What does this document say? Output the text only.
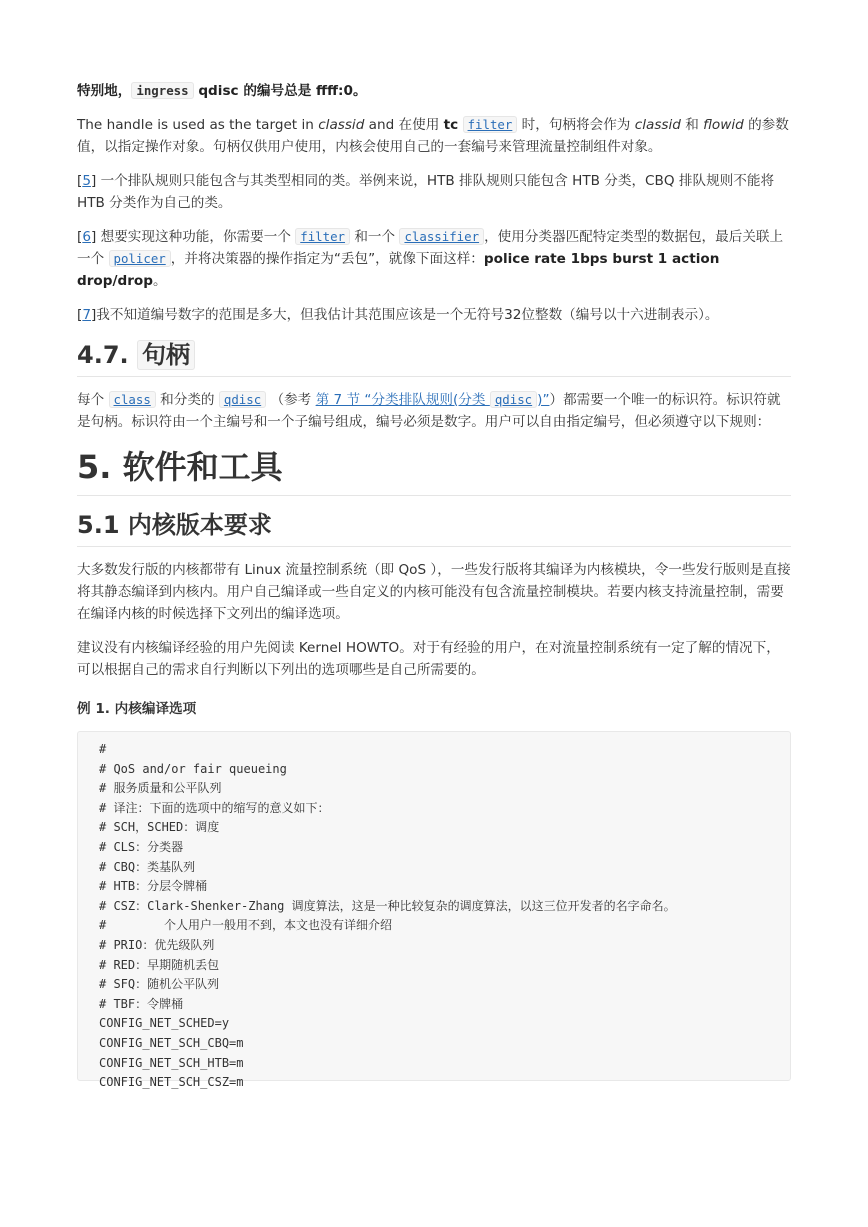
特别地， ingress qdisc 的编号总是 ffff:0。

The handle is used as the target in classid and 在使用 tc filter 时，句柄将会作为 classid 和 flowid 的参数值，以指定操作对象。句柄仅供用户使用，内核会使用自己的一套编号来管理流量控制组件对象。

[5] 一个排队规则只能包含与其类型相同的类。举例来说，HTB 排队规则只能包含 HTB 分类，CBQ 排队规则不能将 HTB 分类作为自己的类。

[6] 想要实现这种功能，你需要一个 filter 和一个 classifier ，使用分类器匹配特定类型的数据包，最后关联上一个 policer ，并将决策器的操作指定为“丢包”，就像下面这样：police rate 1bps burst 1 action drop/drop。

[7]我不知道编号数字的范围是多大，但我估计其范围应该是一个无符号32位整数（编号以十六进制表示）。

4.7. 句柄

每个 class 和分类的 qdisc （参考 第 7 节 “分类排队规则(分类 qdisc )”）都需要一个唯一的标识符。标识符就是句柄。标识符由一个主编号和一个子编号组成，编号必须是数字。用户可以自由指定编号，但必须遵守以下规则：

5. 软件和工具
5.1 内核版本要求

大多数发行版的内核都带有 Linux 流量控制系统（即 QoS ），一些发行版将其编译为内核模块，令一些发行版则是直接将其静态编译到内核内。用户自己编译或一些自定义的内核可能没有包含流量控制模块。若要内核支持流量控制，需要在编译内核的时候选择下文列出的编译选项。

建议没有内核编译经验的用户先阅读 Kernel HOWTO。对于有经验的用户，在对流量控制系统有一定了解的情况下，可以根据自己的需求自行判断以下列出的选项哪些是自己所需要的。

例 1. 内核编译选项
#
# QoS and/or fair queueing
# 服务质量和公平队列
# 译注：下面的选项中的缩写的意义如下：
# SCH，SCHED：调度
# CLS：分类器
# CBQ：类基队列
# HTB：分层令牌桶
# CSZ：Clark-Shenker-Zhang 调度算法，这是一种比较复杂的调度算法，以这三位开发者的名字命名。
#        个人用户一般用不到，本文也没有详细介绍
# PRIO：优先级队列
# RED：早期随机丢包
# SFQ：随机公平队列
# TBF：令牌桶
CONFIG_NET_SCHED=y
CONFIG_NET_SCH_CBQ=m
CONFIG_NET_SCH_HTB=m
CONFIG_NET_SCH_CSZ=m
